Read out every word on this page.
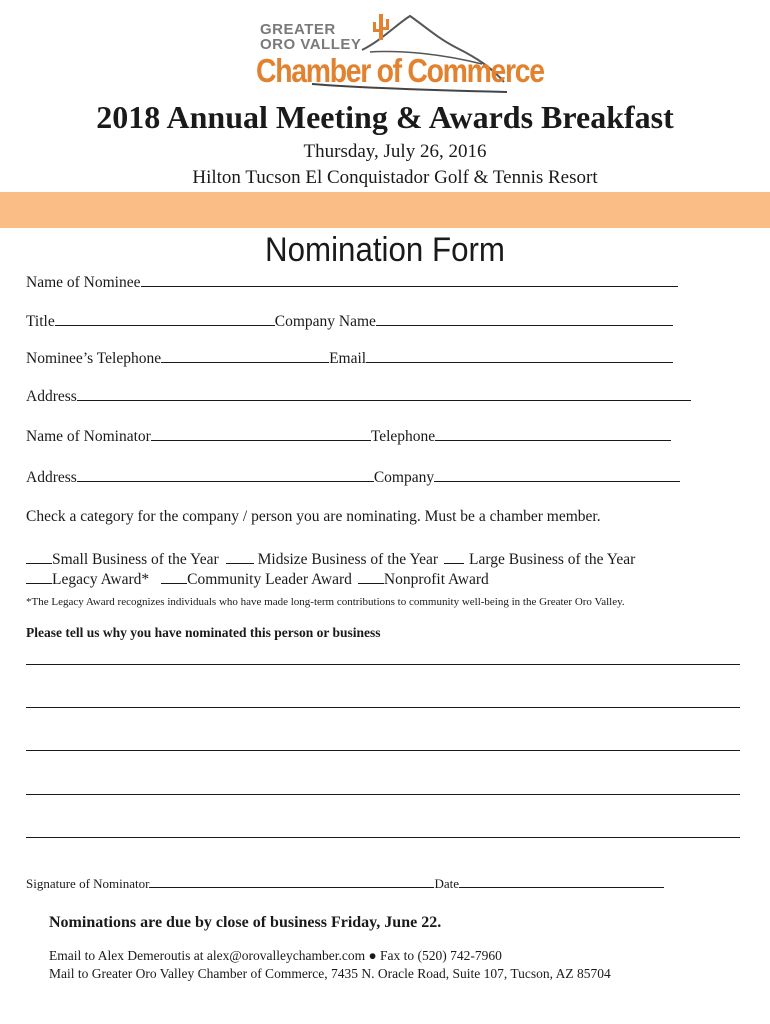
GREATER
ORO VALLEY
Chamber of Commerce
2018 Annual Meeting & Awards Breakfast
Thursday, July 26, 2016
Hilton Tucson El Conquistador Golf & Tennis Resort
Nomination Form
Name of Nominee
Title	Company Name
Nominee’s Telephone	Email
Address
Name of Nominator	Telephone
Address	Company
Check a category for the company / person you are nominating. Must be a chamber member.
Small Business of the Year	Midsize Business of the Year Large Business of the Year
Legacy Award* Community Leader Award Nonprofit Award
*The Legacy Award recognizes individuals who have made long-term contributions to community well-being in the Greater Oro Valley.
Please tell us why you have nominated this person or business
Signature of Nominator	Date
Nominations are due by close of business Friday, June 22.
Email to Alex Demeroutis at alex@orovalleychamber.com ● Fax to (520) 742-7960
Mail to Greater Oro Valley Chamber of Commerce, 7435 N. Oracle Road, Suite 107, Tucson, AZ 85704
